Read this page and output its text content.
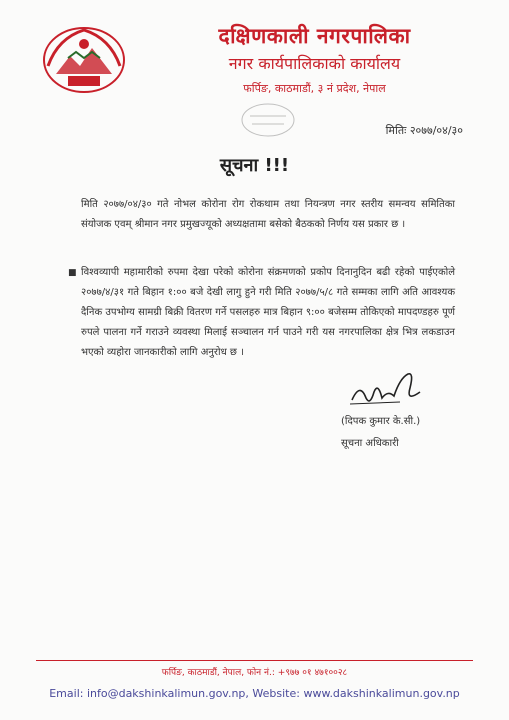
दक्षिणकाली नगरपालिका
नगर कार्यपालिकाको कार्यालय
फर्पिङ, काठमाडौं, ३ नं प्रदेश, नेपाल
मितिः २०७७/०४/३०
सूचना !!!
मिति २०७७/०४/३० गते नोभल कोरोना रोग रोकथाम तथा नियन्त्रण नगर स्तरीय समन्वय समितिका संयोजक एवम् श्रीमान नगर प्रमुखज्यूको अध्यक्षतामा बसेको बैठकको निर्णय यस प्रकार छ ।
■ विश्वव्यापी महामारीको रुपमा देखा परेको कोरोना संक्रमणको प्रकोप दिनानुदिन बढी रहेको पाईएकोले २०७७/४/३१ गते बिहान १:०० बजे देखी लागु हुने गरी मिति २०७७/५/८ गते सम्मका लागि अति आवश्यक दैनिक उपभोग्य सामग्री बिक्री वितरण गर्ने पसलहरु मात्र बिहान ९:०० बजेसम्म तोकिएको मापदण्डहरु पूर्ण रुपले पालना गर्ने गराउने व्यवस्था मिलाई सञ्चालन गर्न पाउने गरी यस नगरपालिका क्षेत्र भित्र लकडाउन भएको व्यहोरा जानकारीको लागि अनुरोध छ ।
(दिपक कुमार के.सी.)
सूचना अधिकारी
फर्पिङ, काठमाडौं, नेपाल, फोन नं.: +९७७ ०१ ४७१००२८
Email: info@dakshinkalimun.gov.np, Website: www.dakshinkalimun.gov.np
